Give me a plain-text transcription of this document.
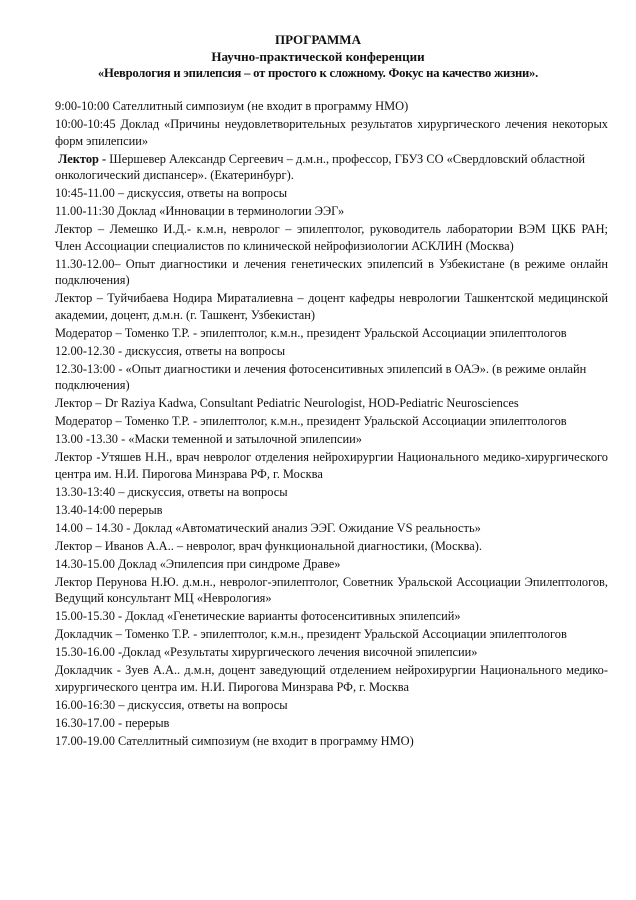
ПРОГРАММА
Научно-практической конференции
«Неврология и эпилепсия – от простого к сложному. Фокус на качество жизни».

9:00-10:00 Сателлитный симпозиум (не входит в программу НМО)

10:00-10:45 Доклад «Причины неудовлетворительных результатов хирургического лечения некоторых форм эпилепсии»

Лектор - Шершевер Александр Сергеевич – д.м.н., профессор, ГБУЗ СО «Свердловский областной онкологический диспансер». (Екатеринбург).

10:45-11.00 – дискуссия, ответы на вопросы

11.00-11:30 Доклад «Инновации в терминологии ЭЭГ»

Лектор – Лемешко И.Д.- к.м.н, невролог – эпилептолог, руководитель лаборатории ВЭМ ЦКБ РАН; Член Ассоциации специалистов по клинической нейрофизиологии АСКЛИН (Москва)

11.30-12.00– Опыт диагностики и лечения генетических эпилепсий в Узбекистане (в режиме онлайн подключения)

Лектор – Туйчибаева Нодира Мираталиевна – доцент кафедры неврологии Ташкентской медицинской академии, доцент, д.м.н. (г. Ташкент, Узбекистан)

Модератор – Томенко Т.Р. - эпилептолог, к.м.н., президент Уральской Ассоциации эпилептологов

12.00-12.30 - дискуссия, ответы на вопросы

12.30-13:00 - «Опыт диагностики и лечения фотосенситивных эпилепсий в ОАЭ». (в режиме онлайн подключения)

Лектор – Dr Raziya Kadwa, Consultant Pediatric Neurologist, HOD-Pediatric Neurosciences

Модератор – Томенко Т.Р. - эпилептолог, к.м.н., президент Уральской Ассоциации эпилептологов

13.00 -13.30 - «Маски теменной и затылочной эпилепсии»

Лектор -Утяшев Н.Н., врач невролог отделения нейрохирургии Национального медико-хирургического центра им. Н.И. Пирогова Минзрава РФ, г. Москва

13.30-13:40 – дискуссия, ответы на вопросы

13.40-14:00 перерыв

14.00 – 14.30 - Доклад «Автоматический анализ ЭЭГ. Ожидание VS реальность»

Лектор – Иванов А.А.. – невролог, врач функциональной диагностики, (Москва).

14.30-15.00 Доклад «Эпилепсия при синдроме Драве»

Лектор Перунова Н.Ю. д.м.н., невролог-эпилептолог, Советник Уральской Ассоциации Эпилептологов, Ведущий консультант МЦ «Неврология»

15.00-15.30 - Доклад «Генетические варианты фотосенситивных эпилепсий»

Докладчик – Томенко Т.Р. - эпилептолог, к.м.н., президент Уральской Ассоциации эпилептологов

15.30-16.00 -Доклад «Результаты хирургического лечения височной эпилепсии»

Докладчик - Зуев А.А.. д.м.н, доцент заведующий отделением нейрохирургии Национального медико-хирургического центра им. Н.И. Пирогова Минзрава РФ, г. Москва

16.00-16:30 – дискуссия, ответы на вопросы

16.30-17.00 - перерыв

17.00-19.00 Сателлитный симпозиум (не входит в программу НМО)
